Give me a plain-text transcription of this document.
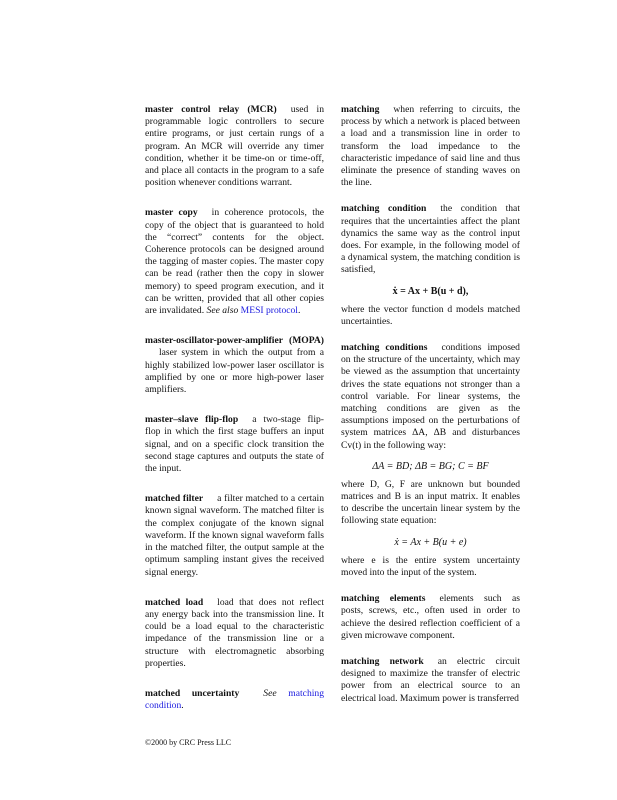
master control relay (MCR) used in programmable logic controllers to secure entire programs, or just certain rungs of a program. An MCR will override any timer condition, whether it be time-on or time-off, and place all contacts in the program to a safe position whenever conditions warrant.
master copy in coherence protocols, the copy of the object that is guaranteed to hold the “correct” contents for the object. Coherence protocols can be designed around the tagging of master copies. The master copy can be read (rather then the copy in slower memory) to speed program execution, and it can be written, provided that all other copies are invalidated. See also MESI protocol.
master-oscillator-power-amplifier (MOPA)laser system in which the output from a highly stabilized low-power laser oscillator is amplified by one or more high-power laser amplifiers.
master–slave flip-flop a two-stage flip-flop in which the first stage buffers an input signal, and on a specific clock transition the second stage captures and outputs the state of the input.
matched filter a filter matched to a certain known signal waveform. The matched filter is the complex conjugate of the known signal waveform. If the known signal waveform falls in the matched filter, the output sample at the optimum sampling instant gives the received signal energy.
matched load load that does not reflect any energy back into the transmission line. It could be a load equal to the characteristic impedance of the transmission line or a structure with electromagnetic absorbing properties.
matched uncertainty	See matching condition.
©2000 by CRC Press LLC
matching when referring to circuits, the process by which a network is placed between a load and a transmission line in order to transform the load impedance to the characteristic impedance of said line and thus eliminate the presence of standing waves on the line.
matching condition the condition that requires that the uncertainties affect the plant dynamics the same way as the control input does. For example, in the following model of a dynamical system, the matching condition is satisfied,
ẋ = Ax + B(u + d),
where the vector function d models matched uncertainties.
matching conditions conditions imposed on the structure of the uncertainty, which may be viewed as the assumption that uncertainty drives the state equations not stronger than a control variable. For linear systems, the matching conditions are given as the assumptions imposed on the perturbations of system matrices ΔA, ΔB and disturbances Cv(t) in the following way:
ΔA = BD; ΔB = BG; C = BF
where D, G, F are unknown but bounded matrices and B is an input matrix. It enables to describe the uncertain linear system by the following state equation:
ẋ = Ax + B(u + e)
where e is the entire system uncertainty moved into the input of the system.
matching elements elements such as posts, screws, etc., often used in order to achieve the desired reflection coefficient of a given microwave component.
matching network an electric circuit designed to maximize the transfer of electric power from an electrical source to an electrical load. Maximum power is transferred
